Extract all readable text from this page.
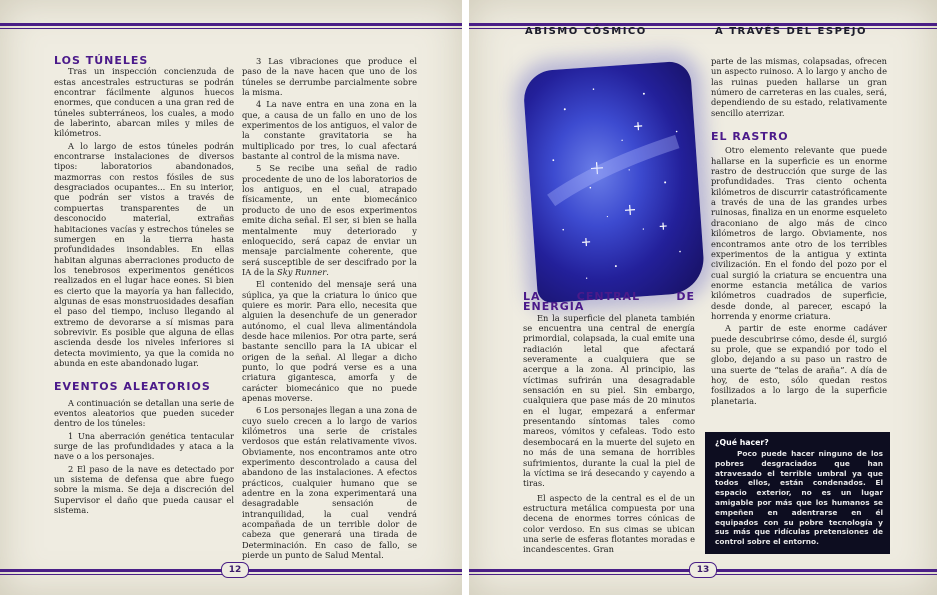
LOS TÚNELES

Tras un inspección concienzuda de estas ancestrales estructuras se podrán encontrar fácilmente algunos huecos enormes, que conducen a una gran red de túneles subterráneos, los cuales, a modo de laberinto, abarcan miles y miles de kilómetros.

A lo largo de estos túneles podrán encontrarse instalaciones de diversos tipos: laboratorios abandonados, mazmorras con restos fósiles de sus desgraciados ocupantes... En su interior, que podrán ser vistos a través de compuertas transparentes de un desconocido material, extrañas habitaciones vacías y estrechos túneles se sumergen en la tierra hasta profundidades insondables. En ellas habitan algunas aberraciones producto de los tenebrosos experimentos genéticos realizados en el lugar hace eones. Si bien es cierto que la mayoría ya han fallecido, algunas de esas monstruosidades desafían el paso del tiempo, incluso llegando al extremo de devorarse a sí mismas para sobrevivir. Es posible que alguna de ellas ascienda desde los niveles inferiores si detecta movimiento, ya que la comida no abunda en este abandonado lugar.

EVENTOS ALEATORIOS

A continuación se detallan una serie de eventos aleatorios que pueden suceder dentro de los túneles:

1 Una aberración genética tentacular surge de las profundidades y ataca a la nave o a los personajes.

2 El paso de la nave es detectado por un sistema de defensa que abre fuego sobre la misma. Se deja a discreción del Supervisor el daño que pueda causar el sistema.

3 Las vibraciones que produce el paso de la nave hacen que uno de los túneles se derrumbe parcialmente sobre la misma.

4 La nave entra en una zona en la que, a causa de un fallo en uno de los experimentos de los antiguos, el valor de la constante gravitatoria se ha multiplicado por tres, lo cual afectará bastante al control de la misma nave.

5 Se recibe una señal de radio procedente de uno de los laboratorios de los antiguos, en el cual, atrapado físicamente, un ente biomecánico producto de uno de esos experimentos emite dicha señal. El ser, si bien se halla mentalmente muy deteriorado y enloquecido, será capaz de enviar un mensaje parcialmente coherente, que será susceptible de ser descifrado por la IA de la Sky Runner.

El contenido del mensaje será una súplica, ya que la criatura lo único que quiere es morir. Para ello, necesita que alguien la desenchufe de un generador autónomo, el cual lleva alimentándola desde hace milenios. Por otra parte, será bastante sencillo para la IA ubicar el origen de la señal. Al llegar a dicho punto, lo que podrá verse es a una criatura gigantesca, amorfa y de carácter biomecánico que no puede apenas moverse.

6 Los personajes llegan a una zona de cuyo suelo crecen a lo largo de varios kilómetros una serie de cristales verdosos que están relativamente vivos. Obviamente, nos encontramos ante otro experimento descontrolado a causa del abandono de las instalaciones. A efectos prácticos, cualquier humano que se adentre en la zona experimentará una desagradable sensación de intranquilidad, la cual vendrá acompañada de un terrible dolor de cabeza que generará una tirada de Determinación. En caso de fallo, se pierde un punto de Salud Mental.

12
ABISMO CÓSMICO	A TRAVÉS DEL ESPEJO
LA CENTRAL DE ENERGÍA

En la superficie del planeta también se encuentra una central de energía primordial, colapsada, la cual emite una radiación letal que afectará severamente a cualquiera que se acerque a la zona. Al principio, las víctimas sufrirán una desagradable sensación en su piel. Sin embargo, cualquiera que pase más de 20 minutos en el lugar, empezará a enfermar presentando síntomas tales como mareos, vómitos y cefaleas. Todo esto desembocará en la muerte del sujeto en no más de una semana de horribles sufrimientos, durante la cual la piel de la víctima se irá desecando y cayendo a tiras.

El aspecto de la central es el de un estructura metálica compuesta por una decena de enormes torres cónicas de color verdoso. En sus cimas se ubican una serie de esferas flotantes moradas e incandescentes. Gran

parte de las mismas, colapsadas, ofrecen un aspecto ruinoso. A lo largo y ancho de las ruinas pueden hallarse un gran número de carreteras en las cuales, será, dependiendo de su estado, relativamente sencillo aterrizar.

EL RASTRO

Otro elemento relevante que puede hallarse en la superficie es un enorme rastro de destrucción que surge de las profundidades. Tras ciento ochenta kilómetros de discurrir catastróficamente a través de una de las grandes urbes ruinosas, finaliza en un enorme esqueleto draconiano de algo más de cinco kilómetros de largo. Obviamente, nos encontramos ante otro de los terribles experimentos de la antigua y extinta civilización. En el fondo del pozo por el cual surgió la criatura se encuentra una enorme estancia metálica de varios kilómetros cuadrados de superficie, desde donde, al parecer, escapó la horrenda y enorme criatura.

A partir de este enorme cadáver puede descubrirse cómo, desde él, surgió su prole, que se expandió por todo el globo, dejando a su paso un rastro de una suerte de “telas de araña”. A día de hoy, de esto, sólo quedan restos fosilizados a lo largo de la superficie planetaria.

¿Qué hacer?
Poco puede hacer ninguno de los pobres desgraciados que han atravesado el terrible umbral ya que todos ellos, están condenados. El espacio exterior, no es un lugar amigable por más que los humanos se empeñen en adentrarse en él equipados con su pobre tecnología y sus más que ridículas pretensiones de control sobre el entorno.
13
